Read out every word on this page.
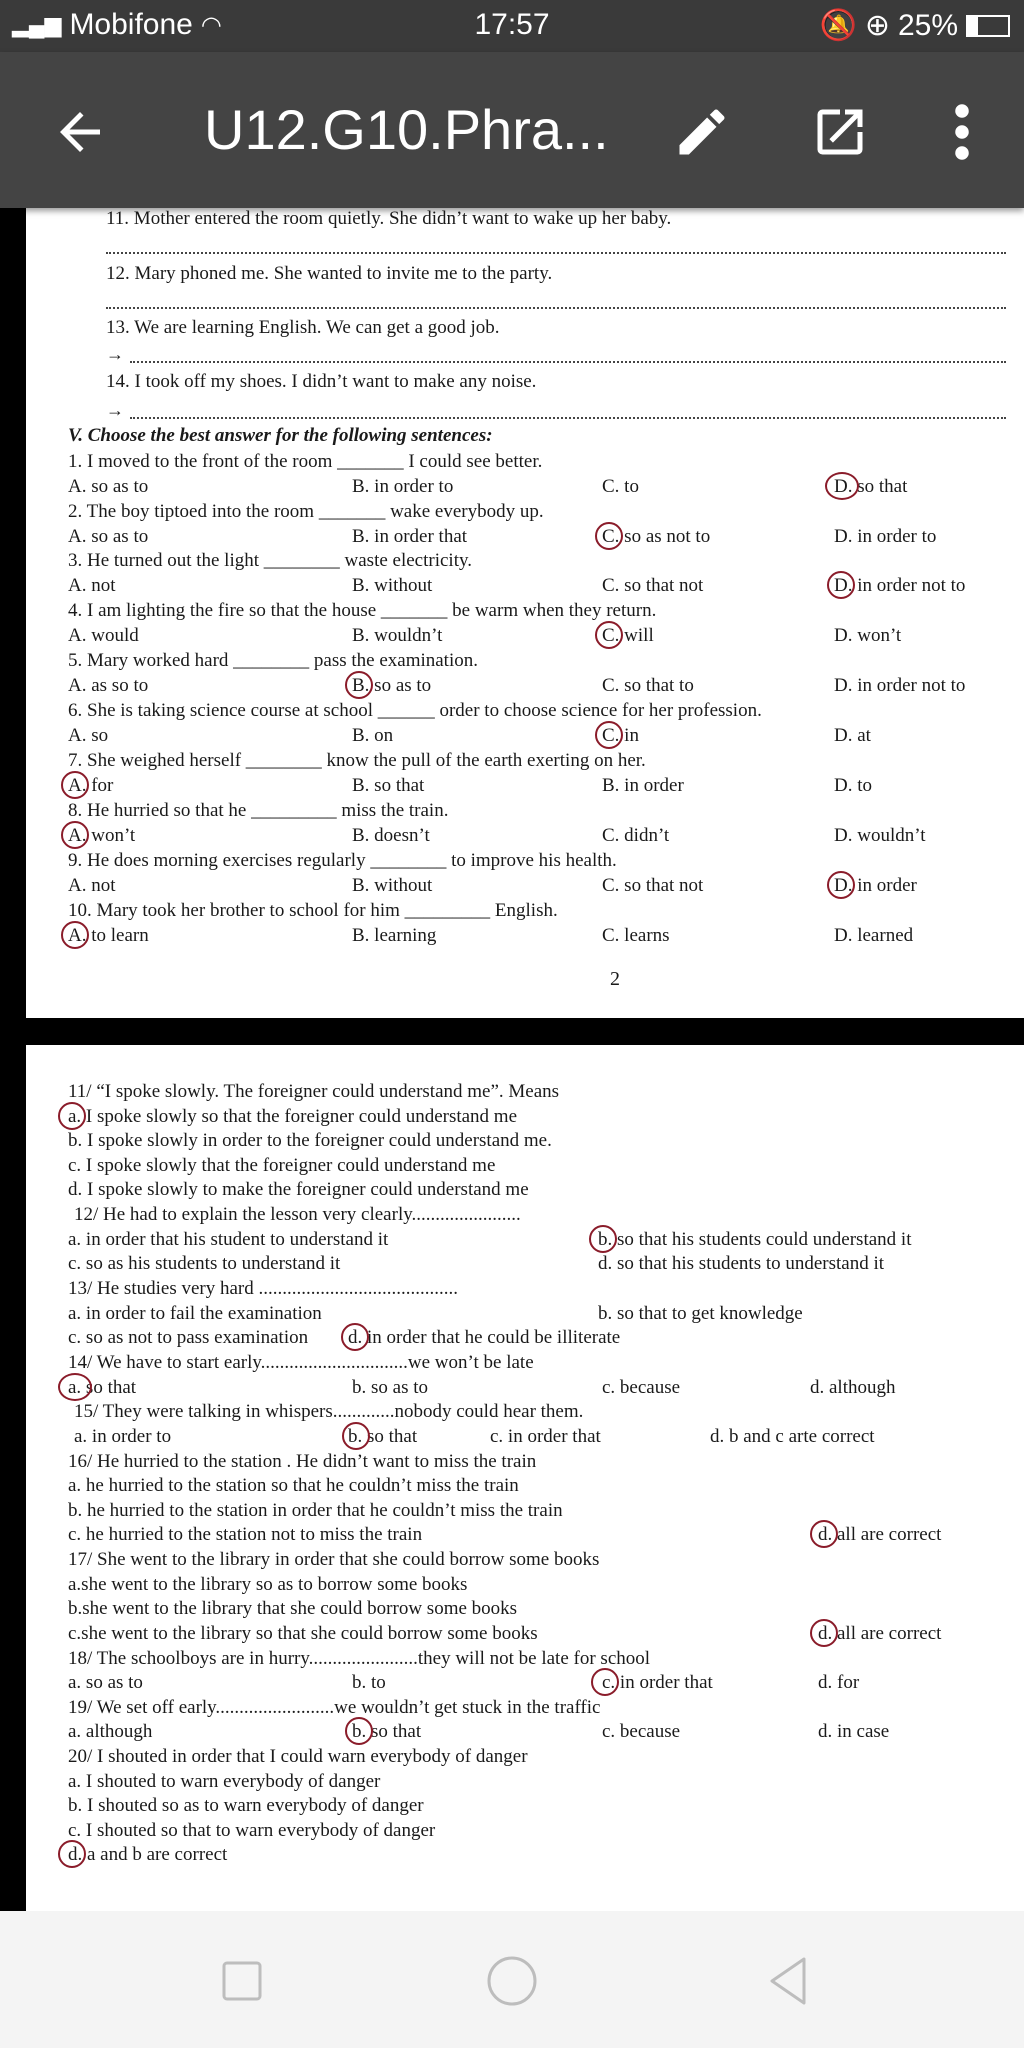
▂▄▆ Mobifone ◠	17:57	🔕 ⊕ 25%
U12.G10.Phra...
11. Mother entered the room quietly. She didn’t want to wake up her baby.
12. Mary phoned me. She wanted to invite me to the party.
13. We are learning English. We can get a good job.
→
14. I took off my shoes. I didn’t want to make any noise.
→
V. Choose the best answer for the following sentences:
1. I moved to the front of the room _______ I could see better.
A. so as to	B. in order to	C. to	D. so that
2. The boy tiptoed into the room _______ wake everybody up.
A. so as to	B. in order that	C. so as not to	D. in order to
3. He turned out the light ________ waste electricity.
A. not	B. without	C. so that not	D. in order not to
4. I am lighting the fire so that the house _______ be warm when they return.
A. would	B. wouldn’t	C. will	D. won’t
5. Mary worked hard ________ pass the examination.
A. as so to	B. so as to	C. so that to	D. in order not to
6. She is taking science course at school ______ order to choose science for her profession.
A. so	B. on	C. in	D. at
7. She weighed herself ________ know the pull of the earth exerting on her.
A. for	B. so that	B. in order	D. to
8. He hurried so that he _________ miss the train.
A. won’t	B. doesn’t	C. didn’t	D. wouldn’t
9. He does morning exercises regularly ________ to improve his health.
A. not	B. without	C. so that not	D. in order
10. Mary took her brother to school for him _________ English.
A. to learn	B. learning	C. learns	D. learned
2
11/ “I spoke slowly. The foreigner could understand me”. Means
a. I spoke slowly so that the foreigner could understand me
b. I spoke slowly in order to the foreigner could understand me.
c. I spoke slowly that the foreigner could understand me
d. I spoke slowly to make the foreigner could understand me
12/ He had to explain the lesson very clearly.......................
a. in order that his student to understand it	b. so that his students could understand it
c. so as his students to understand it	d. so that his students to understand it
13/ He studies very hard ..........................................
a. in order to fail the examination	b. so that to get knowledge
c. so as not to pass examination d. in order that he could be illiterate
14/ We have to start early...............................we won’t be late
a. so that	b. so as to	c. because	d. although
15/ They were talking in whispers.............nobody could hear them.
a. in order to	b. so that	c. in order that	d. b and c arte correct
16/ He hurried to the station . He didn’t want to miss the train
a. he hurried to the station so that he couldn’t miss the train
b. he hurried to the station in order that he couldn’t miss the train
c. he hurried to the station not to miss the train	d. all are correct
17/ She went to the library in order that she could borrow some books
a.she went to the library so as to borrow some books
b.she went to the library that she could borrow some books
c.she went to the library so that she could borrow some books	d. all are correct
18/ The schoolboys are in hurry.......................they will not be late for school
a. so as to	b. to	c. in order that	d. for
19/ We set off early.........................we wouldn’t get stuck in the traffic
a. although	b. so that	c. because	d. in case
20/ I shouted in order that I could warn everybody of danger
a. I shouted to warn everybody of danger
b. I shouted so as to warn everybody of danger
c. I shouted so that to warn everybody of danger
d. a and b are correct
